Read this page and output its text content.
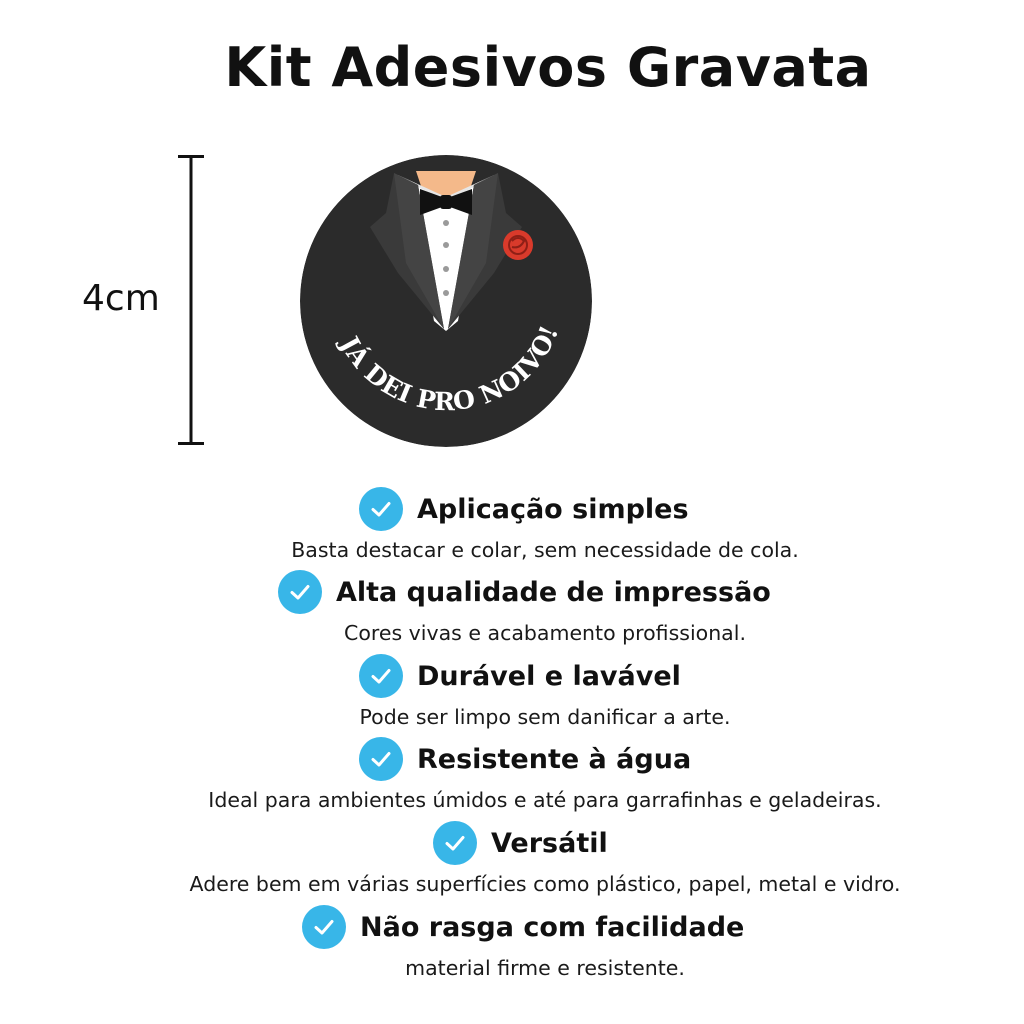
Kit Adesivos Gravata
4cm
JÁ DEI PRO NOIVO!
Aplicação simples
Basta destacar e colar, sem necessidade de cola.
Alta qualidade de impressão
Cores vivas e acabamento profissional.
Durável e lavável
Pode ser limpo sem danificar a arte.
Resistente à água
Ideal para ambientes úmidos e até para garrafinhas e geladeiras.
Versátil
Adere bem em várias superfícies como plástico, papel, metal e vidro.
Não rasga com facilidade
material firme e resistente.
